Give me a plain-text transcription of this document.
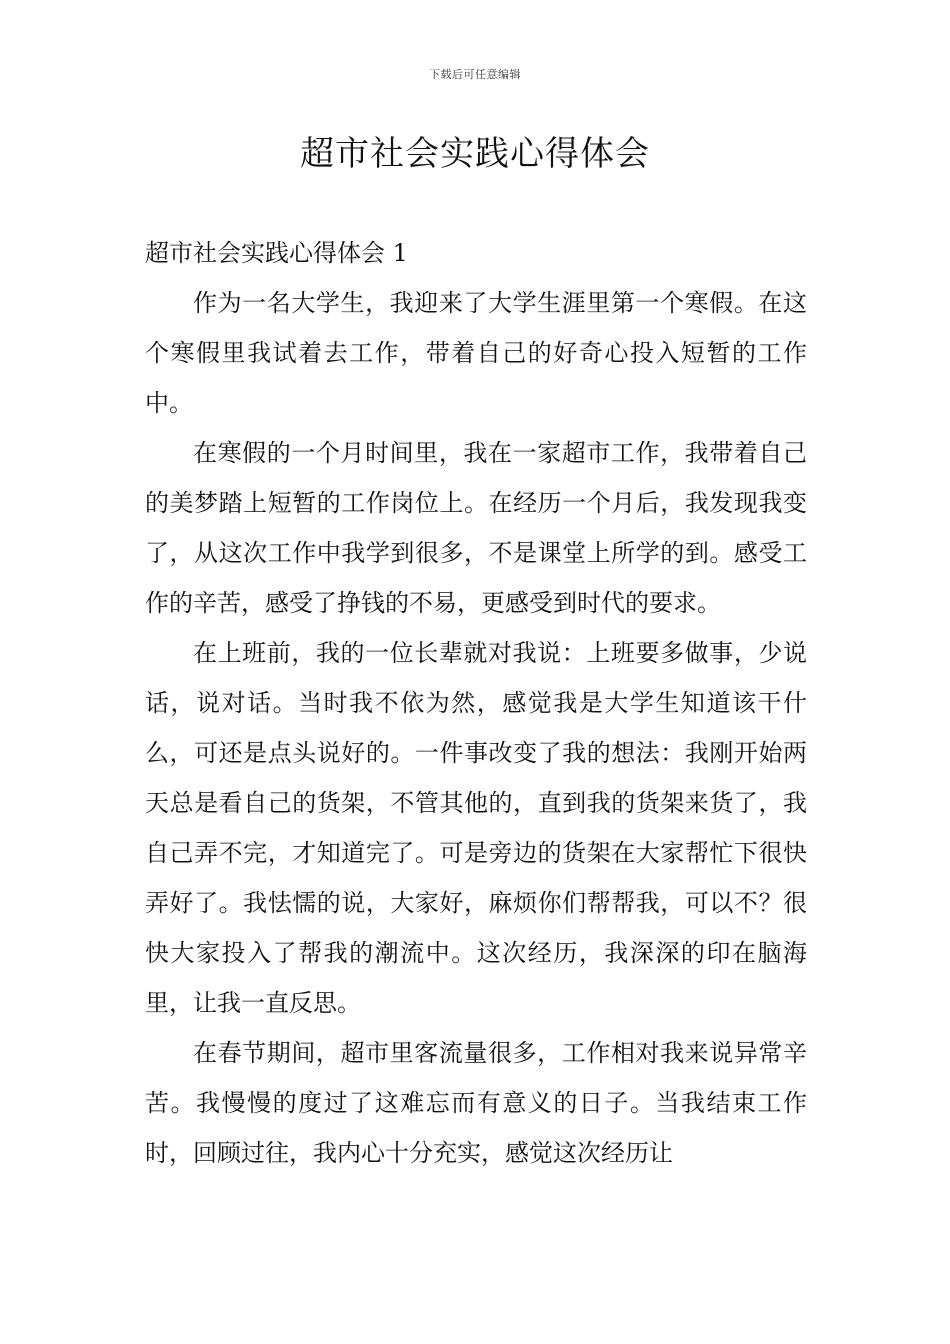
下载后可任意编辑
超市社会实践心得体会

超市社会实践心得体会 1

作为一名大学生，我迎来了大学生涯里第一个寒假。在这个寒假里我试着去工作，带着自己的好奇心投入短暂的工作中。

在寒假的一个月时间里，我在一家超市工作，我带着自己的美梦踏上短暂的工作岗位上。在经历一个月后，我发现我变了，从这次工作中我学到很多，不是课堂上所学的到。感受工作的辛苦，感受了挣钱的不易，更感受到时代的要求。

在上班前，我的一位长辈就对我说：上班要多做事，少说话，说对话。当时我不依为然，感觉我是大学生知道该干什么，可还是点头说好的。一件事改变了我的想法：我刚开始两天总是看自己的货架，不管其他的，直到我的货架来货了，我自己弄不完，才知道完了。可是旁边的货架在大家帮忙下很快弄好了。我怯懦的说，大家好，麻烦你们帮帮我，可以不？很快大家投入了帮我的潮流中。这次经历，我深深的印在脑海里，让我一直反思。

在春节期间，超市里客流量很多，工作相对我来说异常辛苦。我慢慢的度过了这难忘而有意义的日子。当我结束工作时，回顾过往，我内心十分充实，感觉这次经历让
